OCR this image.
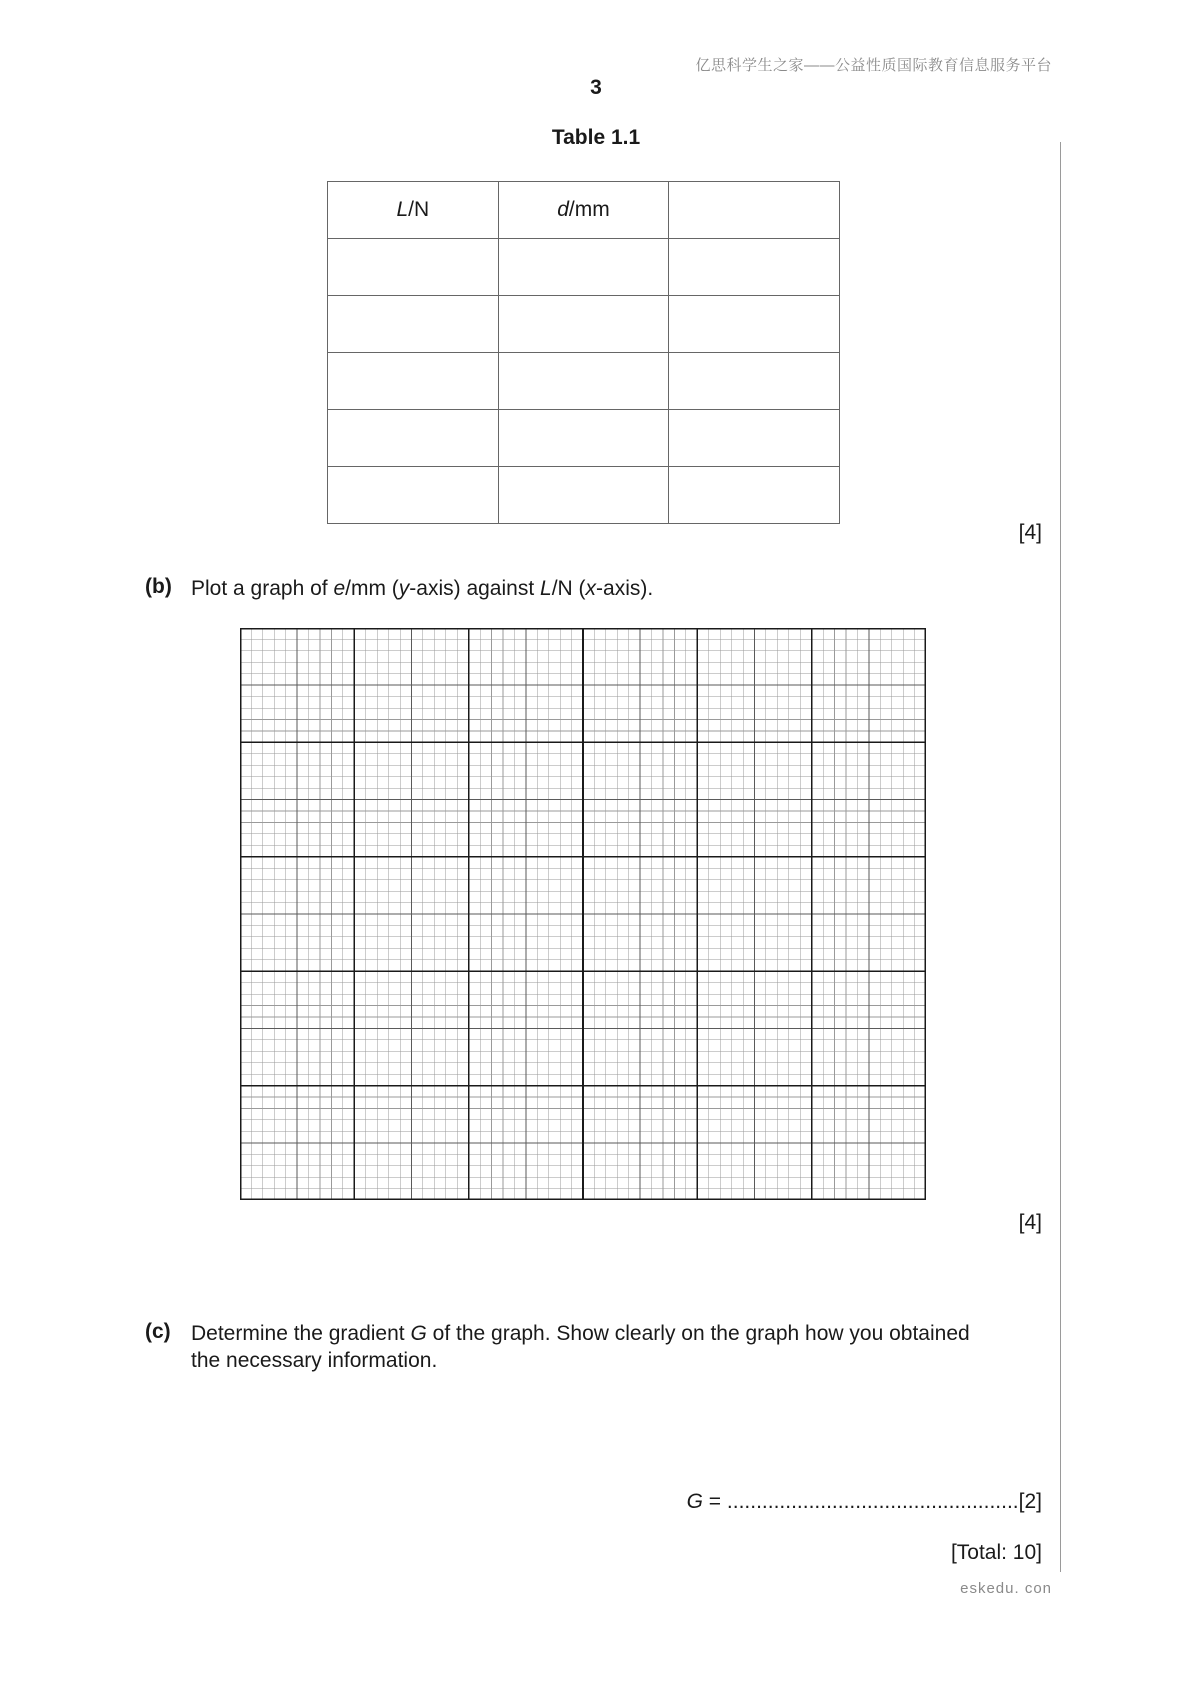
亿思科学生之家——公益性质国际教育信息服务平台
3
Table 1.1
L/N	d/mm	

[4]
(b) Plot a graph of e/mm (y-axis) against L/N (x-axis).
[4]
(c) Determine the gradient G of the graph. Show clearly on the graph how you obtained
the necessary information.
G = ..................................................[2]
[Total: 10]
eskedu. con
